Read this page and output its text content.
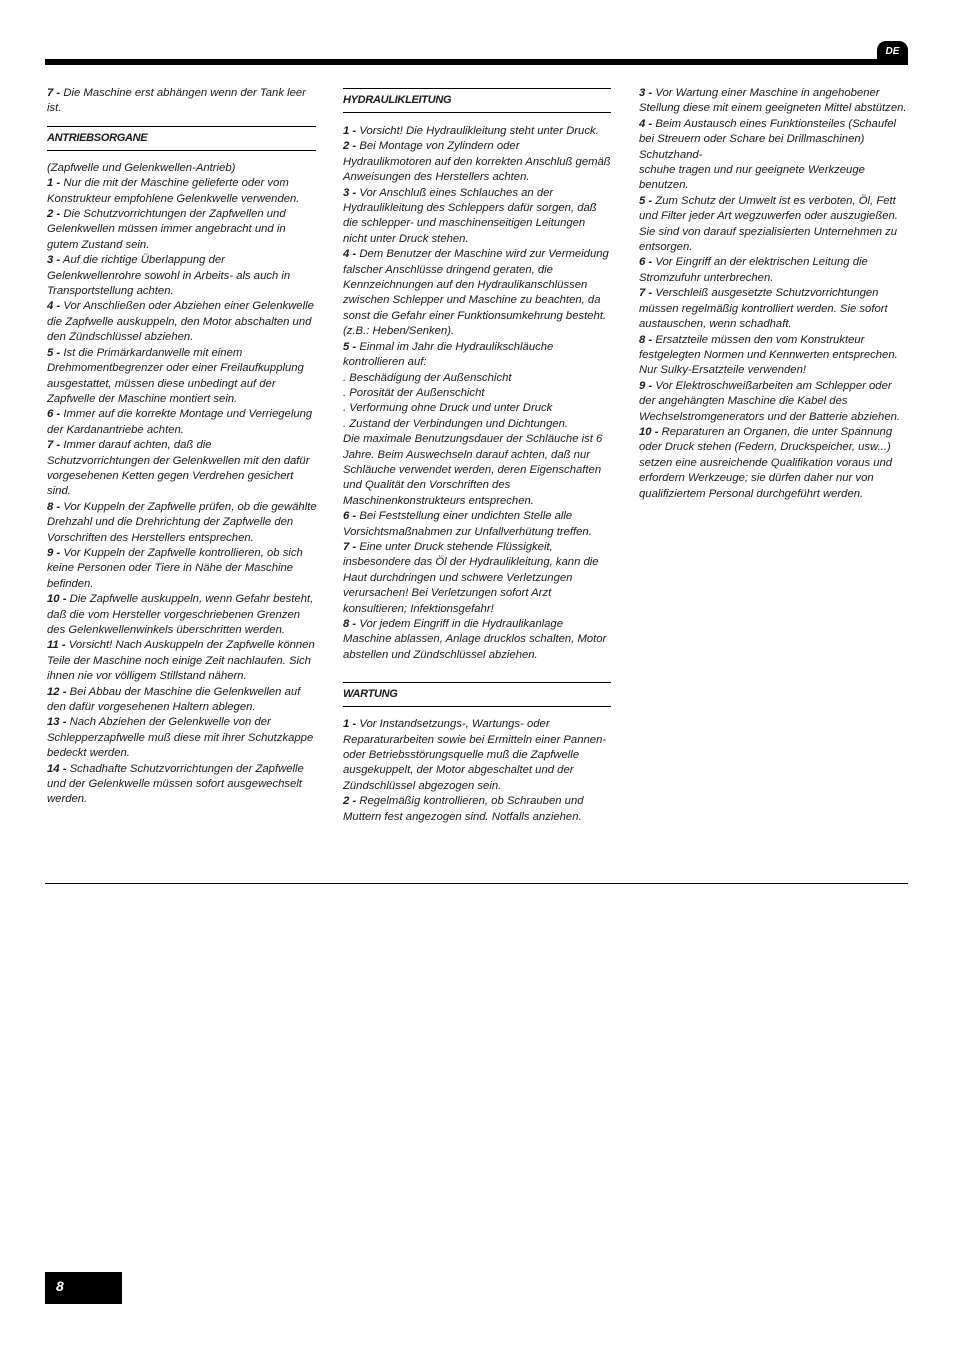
DE

7 - Die Maschine erst abhängen wenn der Tank leer ist.

ANTRIEBSORGANE

(Zapfwelle und Gelenkwellen-Antrieb)

1 - Nur die mit der Maschine gelieferte oder vom Konstrukteur empfohlene Gelenkwelle verwenden.

2 - Die Schutzvorrichtungen der Zapfwellen und Gelenkwellen müssen immer angebracht und in gutem Zustand sein.

3 - Auf die richtige Überlappung der Gelenkwellenrohre sowohl in Arbeits- als auch in Transportstellung achten.

4 - Vor Anschließen oder Abziehen einer Gelenkwelle die Zapfwelle auskuppeln, den Motor abschalten und den Zündschlüssel abziehen.

5 - Ist die Primärkardanwelle mit einem Drehmomentbegrenzer oder einer Freilaufkupplung ausgestattet, müssen diese unbedingt auf der Zapfwelle der Maschine montiert sein.

6 - Immer auf die korrekte Montage und Verriegelung der Kardanantriebe achten.

7 - Immer darauf achten, daß die Schutzvorrichtungen der Gelenkwellen mit den dafür vorgesehenen Ketten gegen Verdrehen gesichert sind.

8 - Vor Kuppeln der Zapfwelle prüfen, ob die gewählte Drehzahl und die Drehrichtung der Zapfwelle den Vorschriften des Herstellers entsprechen.

9 - Vor Kuppeln der Zapfwelle kontrollieren, ob sich keine Personen oder Tiere in Nähe der Maschine befinden.

10 - Die Zapfwelle auskuppeln, wenn Gefahr besteht, daß die vom Hersteller vorgeschriebenen Grenzen des Gelenkwellenwinkels überschritten werden.

11 - Vorsicht! Nach Auskuppeln der Zapfwelle können Teile der Maschine noch einige Zeit nachlaufen. Sich ihnen nie vor völligem Stillstand nähern.

12 - Bei Abbau der Maschine die Gelenkwellen auf den dafür vorgesehenen Haltern ablegen.

13 - Nach Abziehen der Gelenkwelle von der Schlepperzapfwelle muß diese mit ihrer Schutzkappe bedeckt werden.

14 - Schadhafte Schutzvorrichtungen der Zapfwelle und der Gelenkwelle müssen sofort ausgewechselt werden.

HYDRAULIKLEITUNG

1 - Vorsicht! Die Hydraulikleitung steht unter Druck.

2 - Bei Montage von Zylindern oder Hydraulikmotoren auf den korrekten Anschluß gemäß Anweisungen des Herstellers achten.

3 - Vor Anschluß eines Schlauches an der Hydraulikleitung des Schleppers dafür sorgen, daß die schlepper- und maschinenseitigen Leitungen nicht unter Druck stehen.

4 - Dem Benutzer der Maschine wird zur Vermeidung falscher Anschlüsse dringend geraten, die Kennzeichnungen auf den Hydraulikanschlüssen zwischen Schlepper und Maschine zu beachten, da sonst die Gefahr einer Funktionsumkehrung besteht. (z.B.: Heben/Senken).

5 - Einmal im Jahr die Hydraulikschläuche kontrollieren auf:

. Beschädigung der Außenschicht

. Porosität der Außenschicht

. Verformung ohne Druck und unter Druck

. Zustand der Verbindungen und Dichtungen.

Die maximale Benutzungsdauer der Schläuche ist 6 Jahre. Beim Auswechseln darauf achten, daß nur Schläuche verwendet werden, deren Eigenschaften und Qualität den Vorschriften des Maschinenkonstrukteurs entsprechen.

6 - Bei Feststellung einer undichten Stelle alle Vorsichtsmaßnahmen zur Unfallverhütung treffen.

7 - Eine unter Druck stehende Flüssigkeit, insbesondere das Öl der Hydraulikleitung, kann die Haut durchdringen und schwere Verletzungen verursachen! Bei Verletzungen sofort Arzt konsultieren; Infektionsgefahr!

8 - Vor jedem Eingriff in die Hydraulikanlage Maschine ablassen, Anlage drucklos schalten, Motor abstellen und Zündschlüssel abziehen.

WARTUNG

1 - Vor Instandsetzungs-, Wartungs- oder Reparaturarbeiten sowie bei Ermitteln einer Pannen- oder Betriebsstörungsquelle muß die Zapfwelle ausgekuppelt, der Motor abgeschaltet und der Zündschlüssel abgezogen sein.

2 - Regelmäßig kontrollieren, ob Schrauben und Muttern fest angezogen sind. Notfalls anziehen.

3 - Vor Wartung einer Maschine in angehobener Stellung diese mit einem geeigneten Mittel abstützen.

4 - Beim Austausch eines Funktionsteiles (Schaufel bei Streuern oder Schare bei Drillmaschinen) Schutzhand-

schuhe tragen und nur geeignete Werkzeuge benutzen.

5 - Zum Schutz der Umwelt ist es verboten, Öl, Fett und Filter jeder Art wegzuwerfen oder auszugießen. Sie sind von darauf spezialisierten Unternehmen zu entsorgen.

6 - Vor Eingriff an der elektrischen Leitung die Stromzufuhr unterbrechen.

7 - Verschleiß ausgesetzte Schutzvorrichtungen müssen regelmäßig kontrolliert werden. Sie sofort austauschen, wenn schadhaft.

8 - Ersatzteile müssen den vom Konstrukteur festgelegten Normen und Kennwerten entsprechen. Nur Sulky-Ersatzteile verwenden!

9 - Vor Elektroschweißarbeiten am Schlepper oder der angehängten Maschine die Kabel des Wechselstromgenerators und der Batterie abziehen.

10 - Reparaturen an Organen, die unter Spannung oder Druck stehen (Federn, Druckspeicher, usw...) setzen eine ausreichende Qualifikation voraus und erfordern Werkzeuge; sie dürfen daher nur von qualifiziertem Personal durchgeführt werden.

8
